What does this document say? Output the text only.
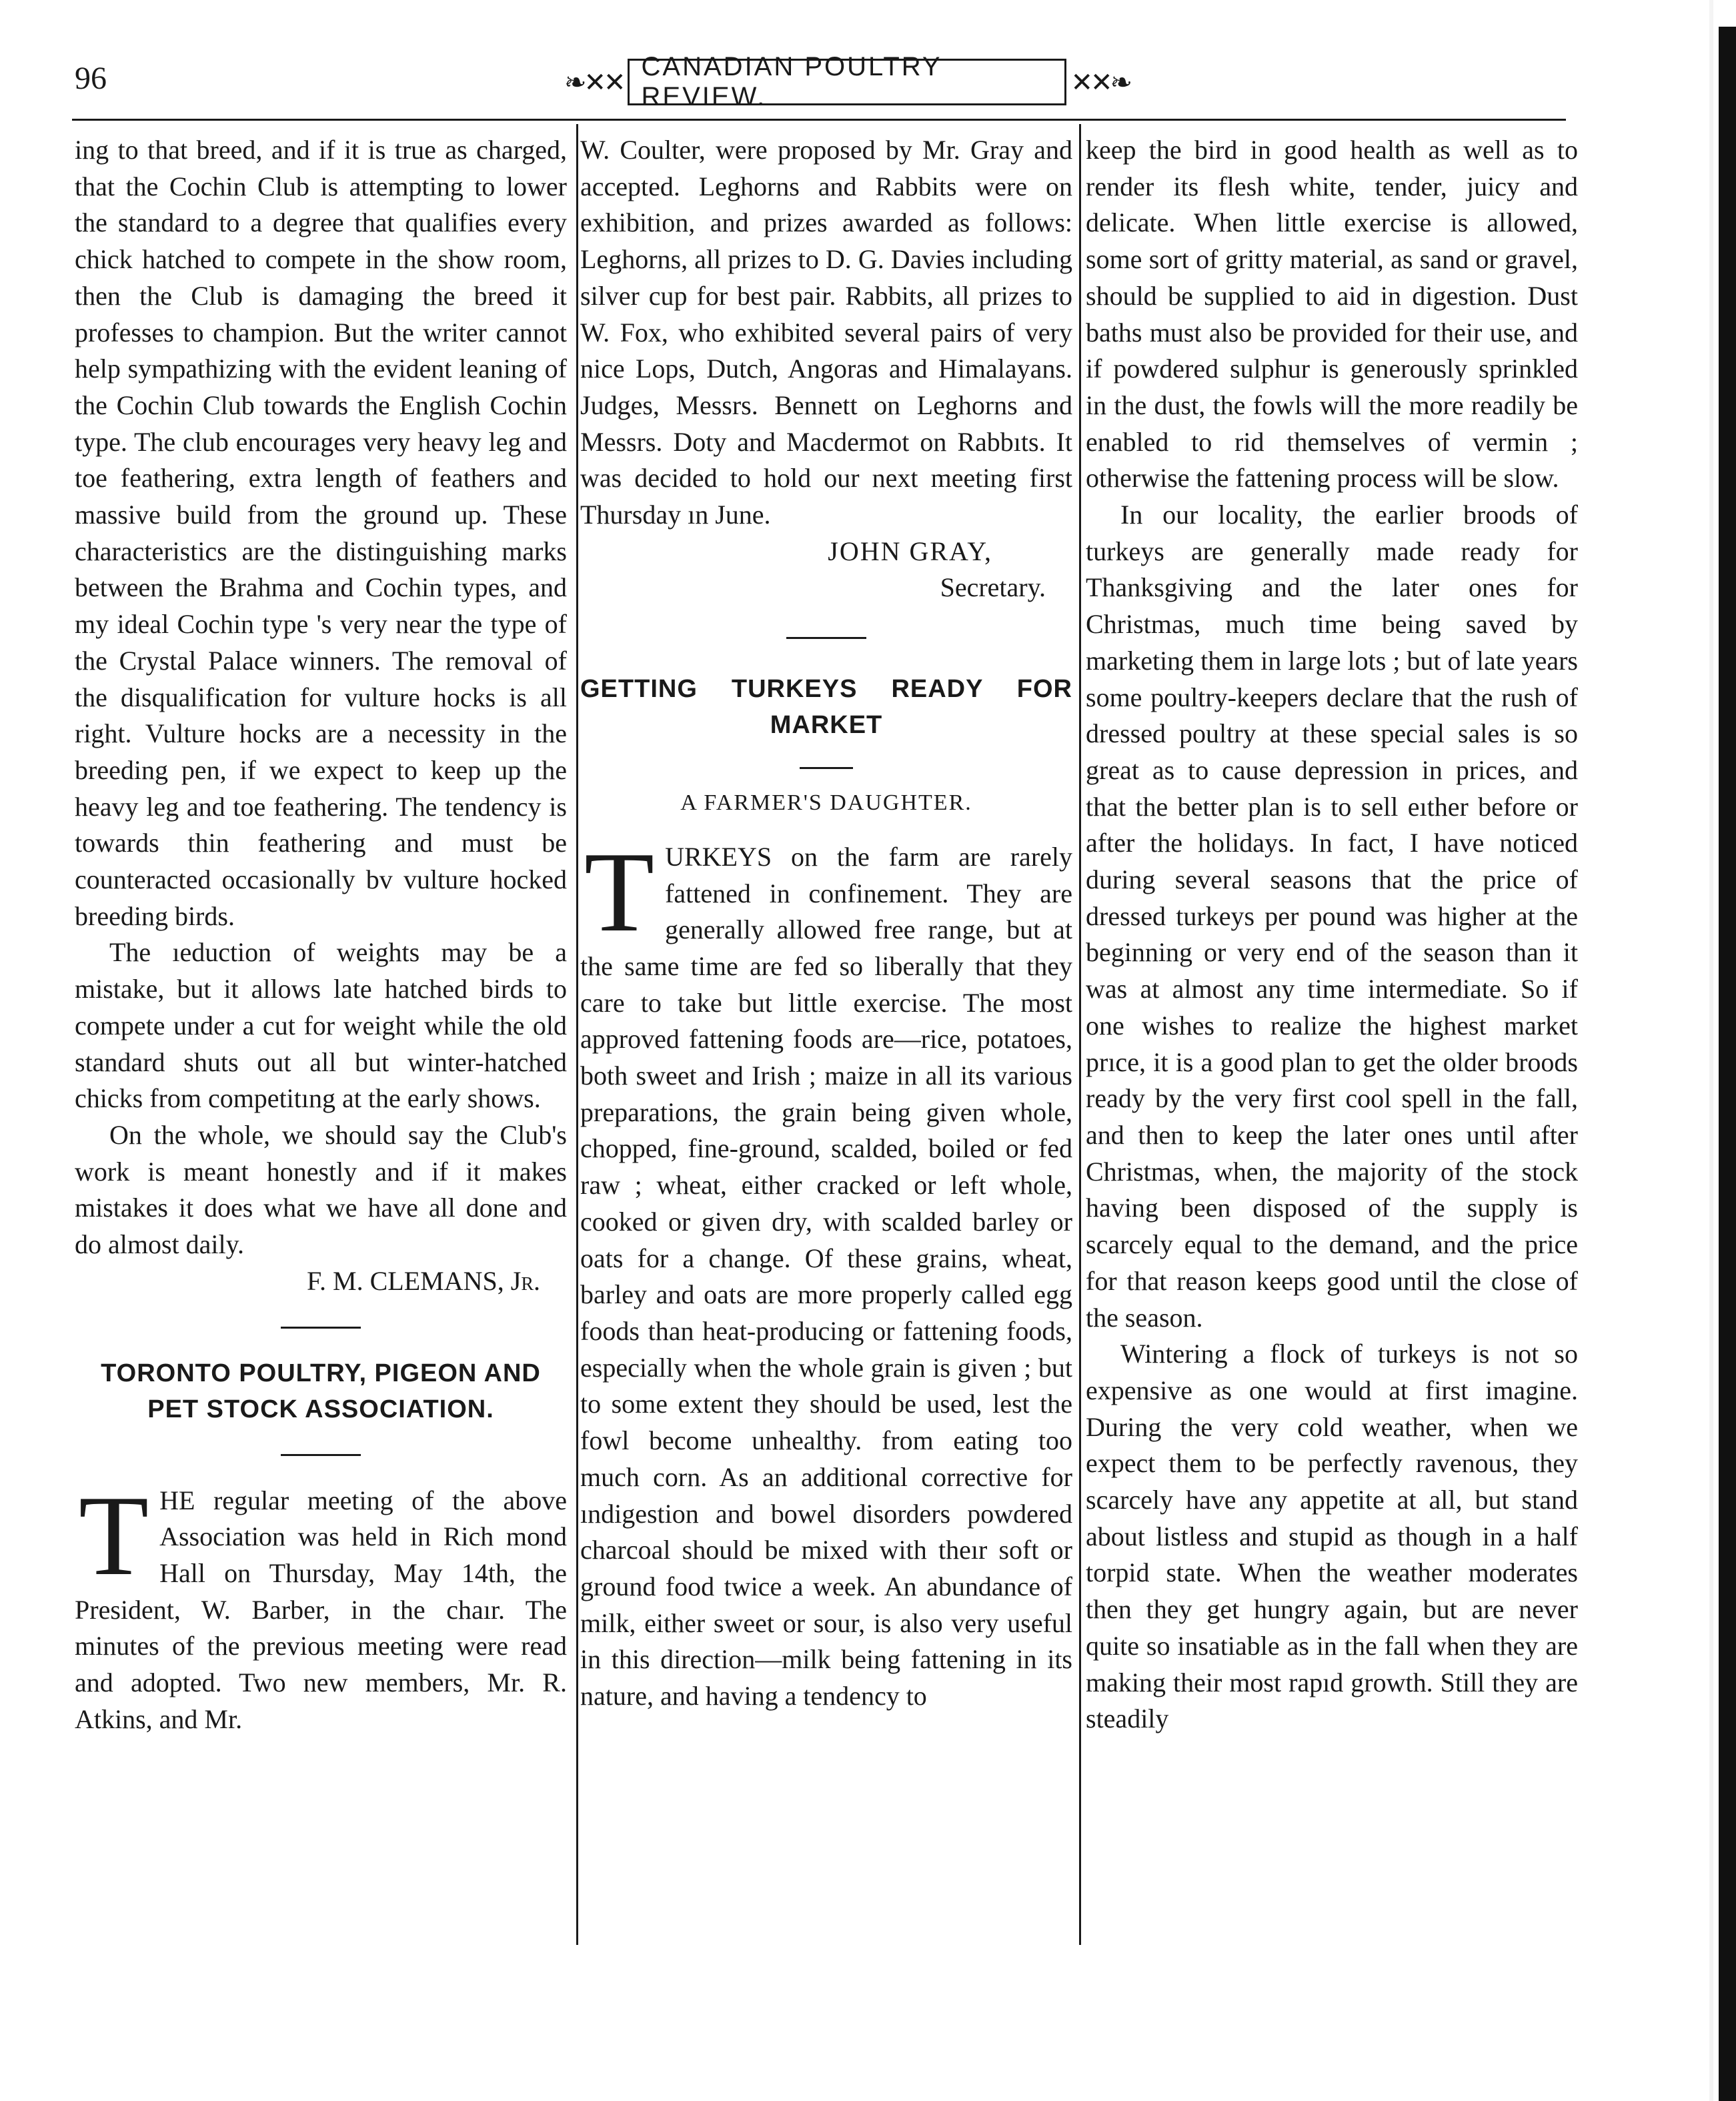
96	❧✕✕
CANADIAN POULTRY REVIEW.	✕✕❧

ing to that breed, and if it is true as charged, that the Cochin Club is attempting to lower the standard to a degree that qualifies every chick hatched to compete in the show room, then the Club is damaging the breed it professes to champion. But the writer cannot help sympathizing with the evident leaning of the Cochin Club towards the English Cochin type. The club encourages very heavy leg and toe feathering, extra length of feathers and massive build from the ground up. These characteristics are the distinguishing marks between the Brahma and Cochin types, and my ideal Cochin type 's very near the type of the Crystal Palace winners. The removal of the disqualification for vulture hocks is all right. Vulture hocks are a necessity in the breeding pen, if we expect to keep up the heavy leg and toe feathering. The tendency is towards thin feathering and must be counteracted occasionally bv vulture hocked breeding birds.

The ıeduction of weights may be a mistake, but it allows late hatched birds to compete under a cut for weight while the old standard shuts out all but winter-hatched chicks from competitıng at the early shows.

On the whole, we should say the Club's work is meant honestly and if it makes mistakes it does what we have all done and do almost daily.

F. M. CLEMANS, Jr.

TORONTO POULTRY, PIGEON AND PET STOCK ASSOCIATION.
T HE regular meeting of the above Association was held in Rich mond Hall on Thursday, May 14th, the President, W. Barber, in the chaır. The minutes of the previous meeting were read and adopted. Two new members, Mr. R. Atkins, and Mr.

W. Coulter, were proposed by Mr. Gray and accepted. Leghorns and Rabbits were on exhibition, and prizes awarded as follows: Leghorns, all prizes to D. G. Davies including silver cup for best pair. Rabbits, all prizes to W. Fox, who exhibited several pairs of very nice Lops, Dutch, Angoras and Himalayans. Judges, Messrs. Bennett on Leghorns and Messrs. Doty and Macdermot on Rabbıts. It was decided to hold our next meeting first Thursday ın June.

JOHN GRAY,

Secretary.

GETTING TURKEYS READY FOR MARKET
A FARMER'S DAUGHTER.
T URKEYS on the farm are rarely fattened in confinement. They are generally allowed free range, but at the same time are fed so liberally that they care to take but little exercise. The most approved fattening foods are—rice, potatoes, both sweet and Irish ; maize in all its various preparations, the grain being given whole, chopped, fine-ground, scalded, boiled or fed raw ; wheat, either cracked or left whole, cooked or given dry, with scalded barley or oats for a change. Of these grains, wheat, barley and oats are more properly called egg foods than heat-producing or fattening foods, especially when the whole grain is given ; but to some extent they should be used, lest the fowl become unhealthy. from eating too much corn. As an additional corrective for ındigestion and bowel disorders powdered charcoal should be mixed with theır soft or ground food twice a week. An abundance of milk, either sweet or sour, is also very useful in this direction—milk being fattening in its nature, and having a tendency to

keep the bird in good health as well as to render its flesh white, tender, juicy and delicate. When little exercise is allowed, some sort of gritty material, as sand or gravel, should be supplied to aid in digestion. Dust baths must also be provided for their use, and if powdered sulphur is generously sprinkled in the dust, the fowls will the more readily be enabled to rid themselves of vermin ; otherwise the fattening process will be slow.

In our locality, the earlier broods of turkeys are generally made ready for Thanksgiving and the later ones for Christmas, much time being saved by marketing them in large lots ; but of late years some poultry-keepers declare that the rush of dressed poultry at these special sales is so great as to cause depression in prices, and that the better plan is to sell eıther before or after the holidays. In fact, I have noticed during several seasons that the price of dressed turkeys per pound was higher at the beginning or very end of the season than it was at almost any time intermediate. So if one wishes to realize the highest market prıce, it is a good plan to get the older broods ready by the very first cool spell in the fall, and then to keep the later ones until after Christmas, when, the majority of the stock having been disposed of the supply is scarcely equal to the demand, and the price for that reason keeps good until the close of the season.

Wintering a flock of turkeys is not so expensive as one would at first imagine. During the very cold weather, when we expect them to be perfectly ravenous, they scarcely have any appetite at all, but stand about listless and stupid as though in a half torpid state. When the weather moderates then they get hungry again, but are never quite so insatiable as in the fall when they are making their most rapıd growth. Still they are steadily
